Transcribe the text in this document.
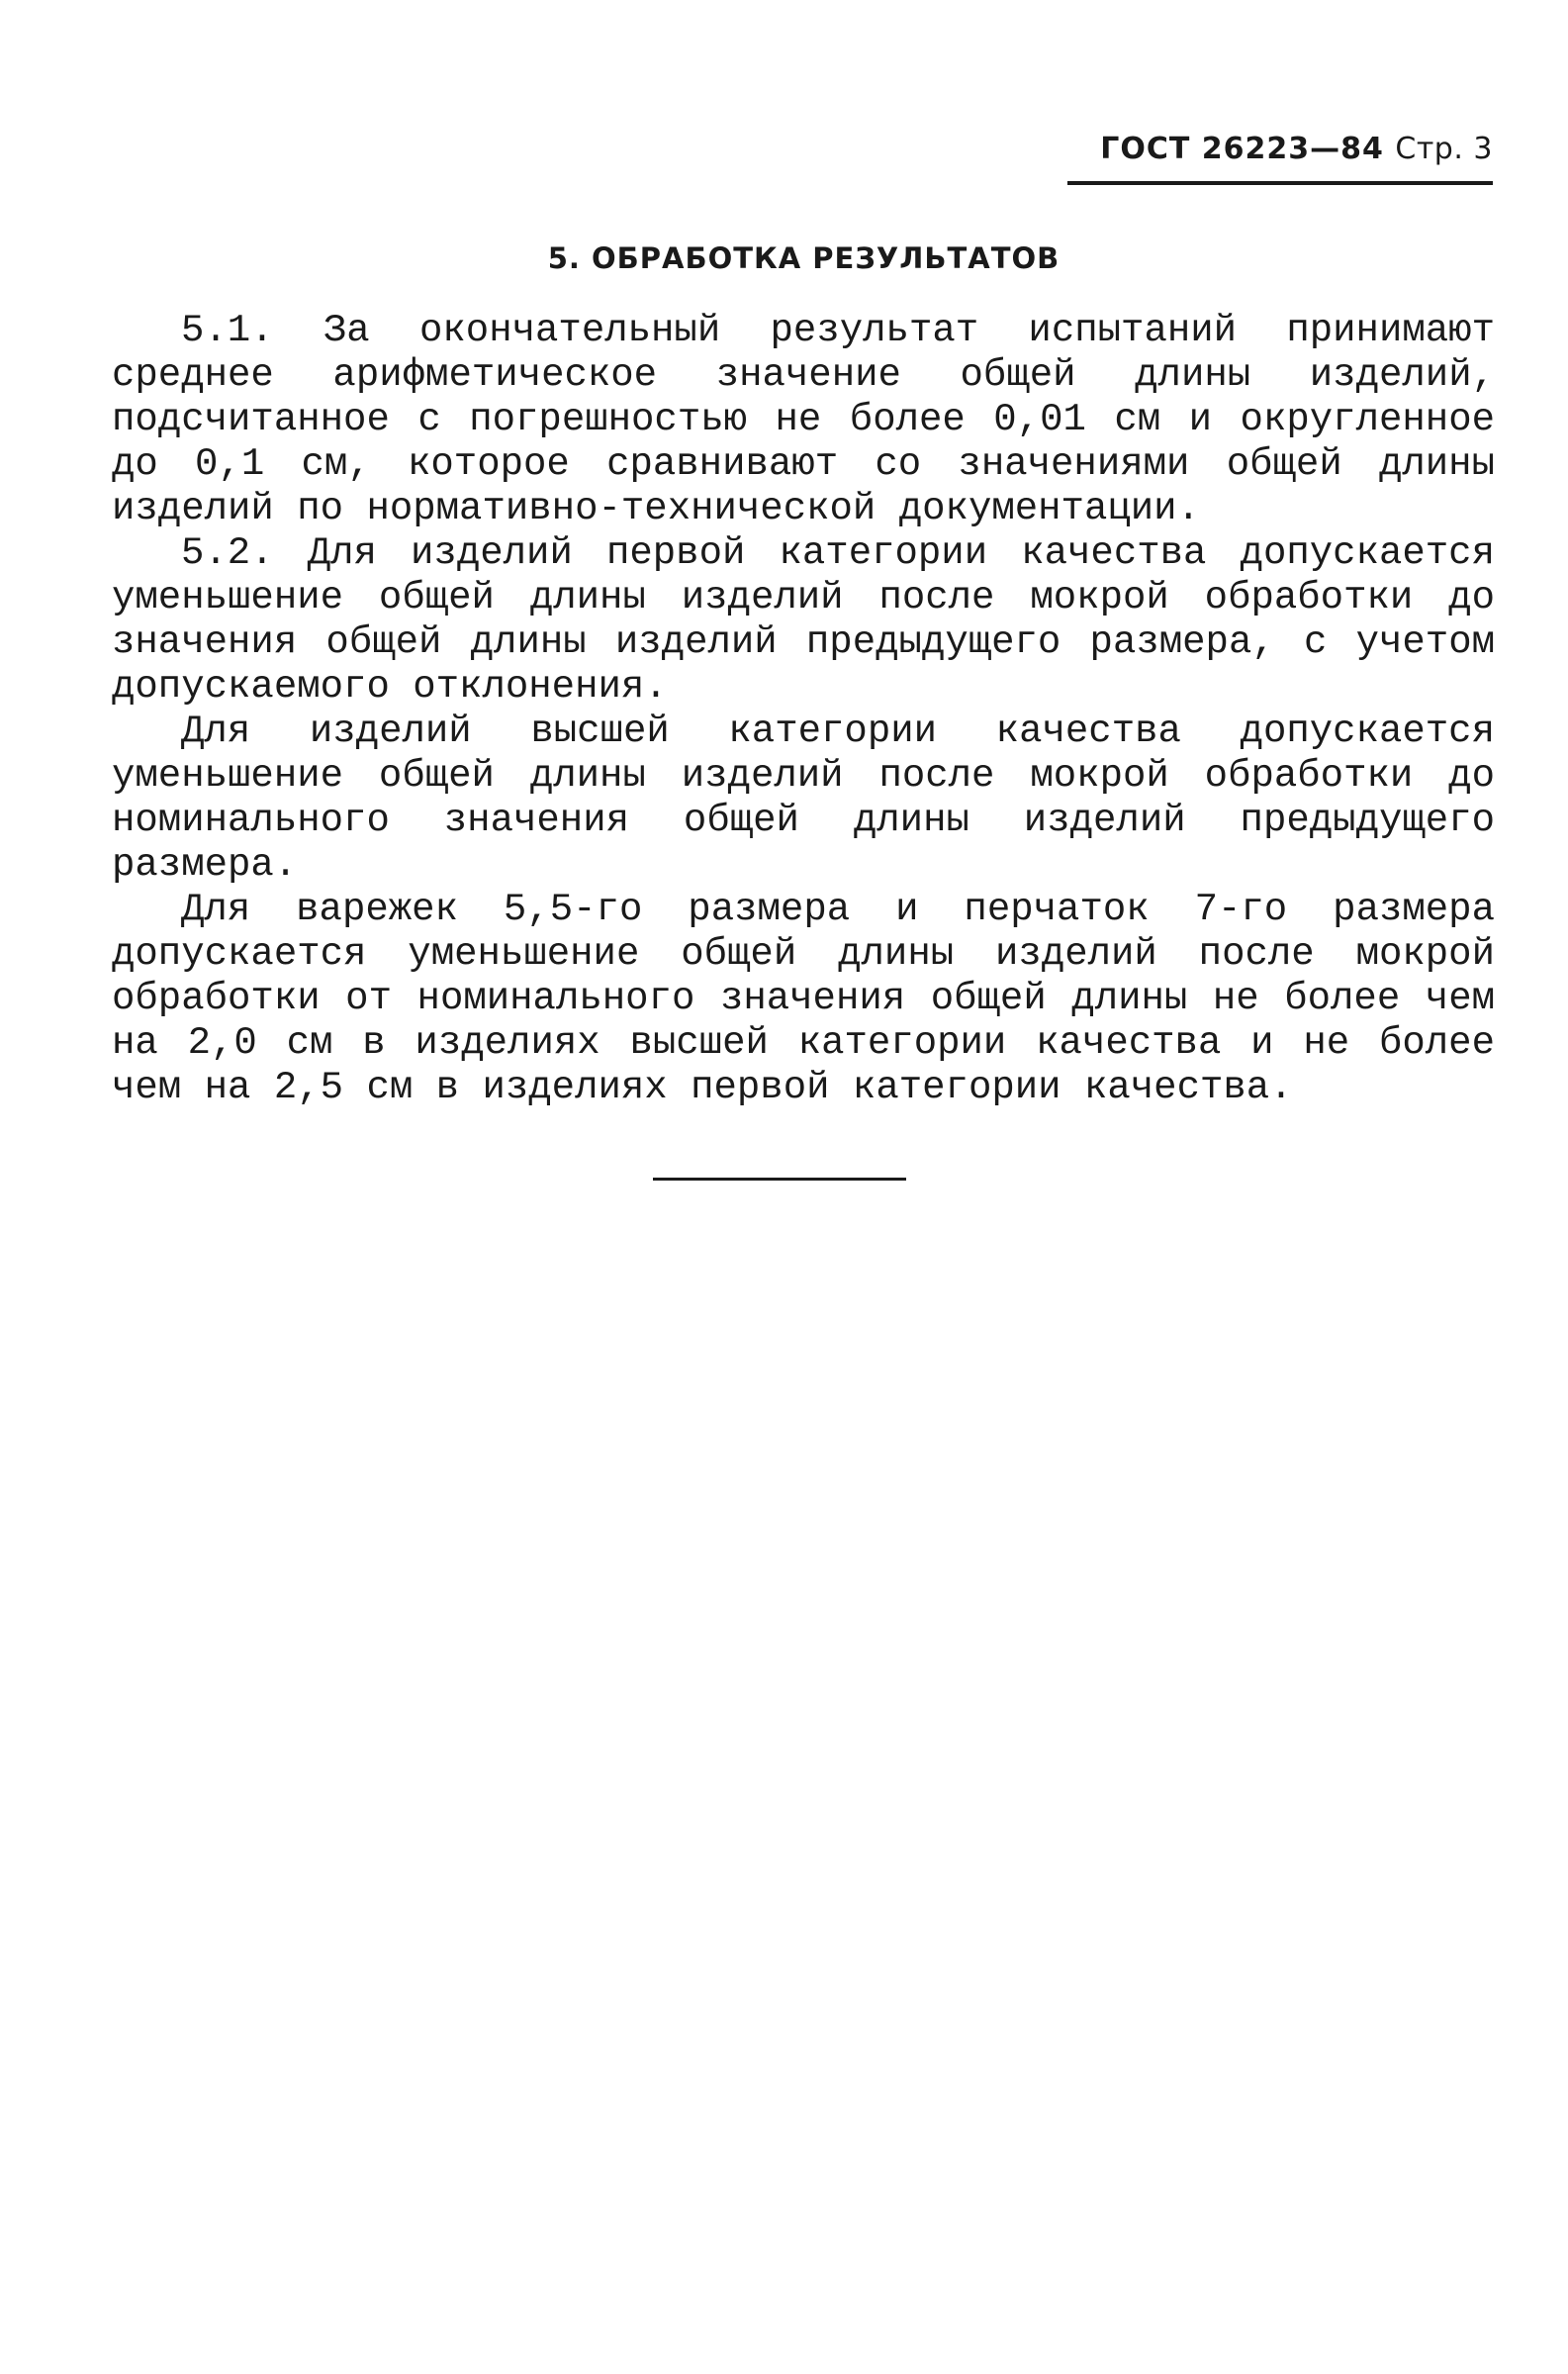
ГОСТ 26223—84 Стр. 3
5. ОБРАБОТКА РЕЗУЛЬТАТОВ

5.1. За окончательный результат испытаний принимают среднее арифметическое значение общей длины изделий, подсчитанное с погрешностью не более 0,01 см и округленное до 0,1 см, которое сравнивают со значениями общей длины изделий по нормативно-технической документации.

5.2. Для изделий первой категории качества допускается уменьшение общей длины изделий после мокрой обработки до значения общей длины изделий предыдущего размера, с учетом допускаемого отклонения.

Для изделий высшей категории качества допускается уменьшение общей длины изделий после мокрой обработки до номинального значения общей длины изделий предыдущего размера.

Для варежек 5,5-го размера и перчаток 7-го размера допускается уменьшение общей длины изделий после мокрой обработки от номинального значения общей длины не более чем на 2,0 см в изделиях высшей категории качества и не более чем на 2,5 см в изделиях первой категории качества.
